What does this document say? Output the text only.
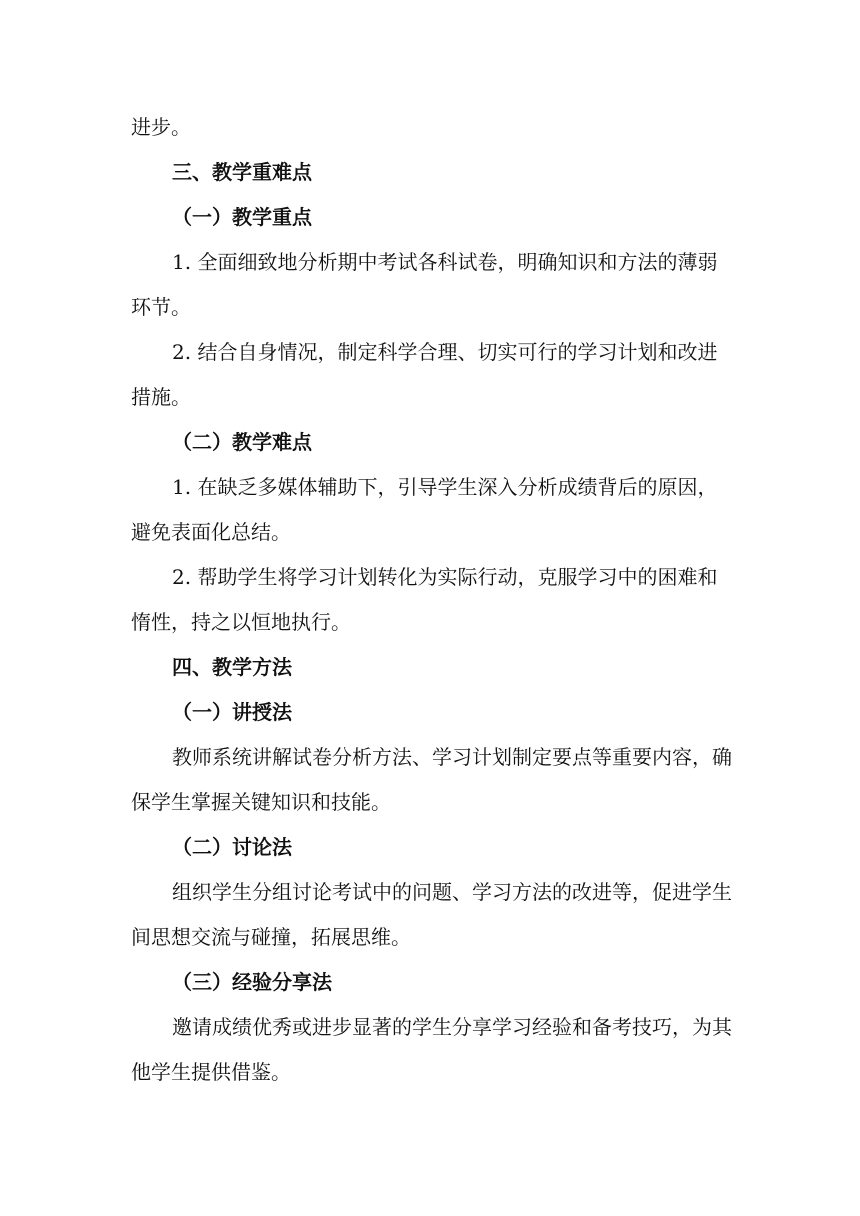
进步。
三、教学重难点
（一）教学重点
1. 全面细致地分析期中考试各科试卷，明确知识和方法的薄弱
环节。
2. 结合自身情况，制定科学合理、切实可行的学习计划和改进
措施。
（二）教学难点
1. 在缺乏多媒体辅助下，引导学生深入分析成绩背后的原因，
避免表面化总结。
2. 帮助学生将学习计划转化为实际行动，克服学习中的困难和
惰性，持之以恒地执行。
四、教学方法
（一）讲授法
教师系统讲解试卷分析方法、学习计划制定要点等重要内容，确
保学生掌握关键知识和技能。
（二）讨论法
组织学生分组讨论考试中的问题、学习方法的改进等，促进学生
间思想交流与碰撞，拓展思维。
（三）经验分享法
邀请成绩优秀或进步显著的学生分享学习经验和备考技巧，为其
他学生提供借鉴。
